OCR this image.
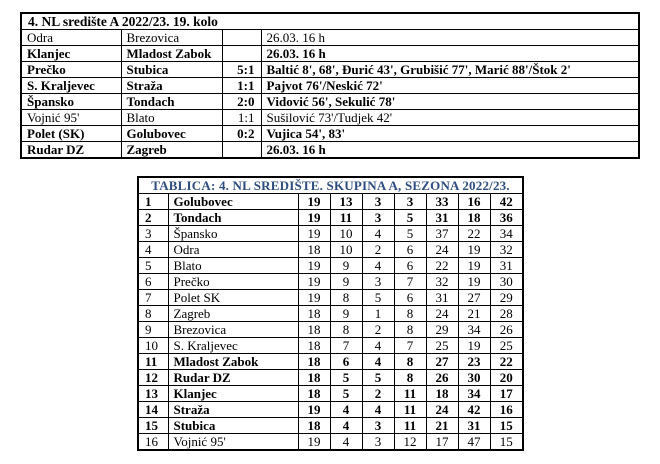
4. NL središte A 2022/23. 19. kolo			
Odra	Brezovica		26.03. 16 h
Klanjec	Mladost Zabok		26.03. 16 h
Prečko	Stubica	5:1	Baltić 8', 68', Đurić 43', Grubišić 77', Marić 88'/Štok 2'
S. Kraljevec	Straža	1:1	Pajvot 76'/Neskić 72'
Špansko	Tondach	2:0	Vidović 56', Sekulić 78'
Vojnić 95'	Blato	1:1	Sušilović 73'/Tudjek 42'
Polet (SK)	Golubovec	0:2	Vujica 54', 83'
Rudar DZ	Zagreb		26.03. 16 h
TABLICA: 4. NL SREDIŠTE. SKUPINA A, SEZONA 2022/23.								
1	Golubovec	19	13	3	3	33	16	42
2	Tondach	19	11	3	5	31	18	36
3	Špansko	19	10	4	5	37	22	34
4	Odra	18	10	2	6	24	19	32
5	Blato	19	9	4	6	22	19	31
6	Prečko	19	9	3	7	32	19	30
7	Polet SK	19	8	5	6	31	27	29
8	Zagreb	18	9	1	8	24	21	28
9	Brezovica	18	8	2	8	29	34	26
10	S. Kraljevec	18	7	4	7	25	19	25
11	Mladost Zabok	18	6	4	8	27	23	22
12	Rudar DZ	18	5	5	8	26	30	20
13	Klanjec	18	5	2	11	18	34	17
14	Straža	19	4	4	11	24	42	16
15	Stubica	18	4	3	11	21	31	15
16	Vojnić 95'	19	4	3	12	17	47	15
